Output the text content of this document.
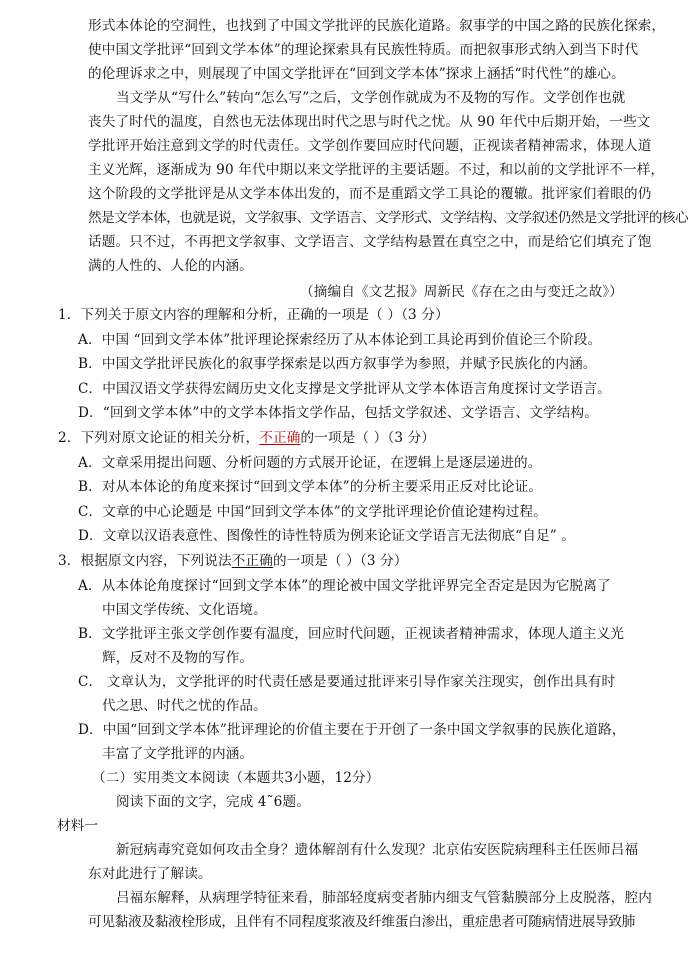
形式本体论的空洞性，也找到了中国文学批评的民族化道路。叙事学的中国之路的民族化探索，
使中国文学批评“回到文学本体”的理论探索具有民族性特质。而把叙事形式纳入到当下时代
的伦理诉求之中，则展现了中国文学批评在“回到文学本体”探求上涵括“时代性”的雄心。
当文学从“写什么”转向“怎么写”之后，文学创作就成为不及物的写作。文学创作也就
丧失了时代的温度，自然也无法体现出时代之思与时代之忧。从 90 年代中后期开始，一些文
学批评开始注意到文学的时代责任。文学创作要回应时代问题，正视读者精神需求，体现人道
主义光辉，逐渐成为 90 年代中期以来文学批评的主要话题。不过，和以前的文学批评不一样，
这个阶段的文学批评是从文学本体出发的，而不是重蹈文学工具论的覆辙。批评家们着眼的仍
然是文学本体，也就是说，文学叙事、文学语言、文学形式、文学结构、文学叙述仍然是文学批评的核心
话题。只不过，不再把文学叙事、文学语言、文学结构悬置在真空之中，而是给它们填充了饱
满的人性的、人伦的内涵。
（摘编自《文艺报》周新民《存在之由与变迁之故》）
1．下列关于原文内容的理解和分析，正确的一项是（ ）（3 分）
A．中国 “回到文学本体”批评理论探索经历了从本体论到工具论再到价值论三个阶段。
B．中国文学批评民族化的叙事学探索是以西方叙事学为参照，并赋予民族化的内涵。
C．中国汉语文学获得宏阔历史文化支撑是文学批评从文学本体语言角度探讨文学语言。
D．“回到文学本体”中的文学本体指文学作品，包括文学叙述、文学语言、文学结构。
2．下列对原文论证的相关分析，不正确的一项是（ ）（3 分）
A．文章采用提出问题、分析问题的方式展开论证，在逻辑上是逐层递进的。
B．对从本体论的角度来探讨“回到文学本体”的分析主要采用正反对比论证。
C．文章的中心论题是 中国“回到文学本体”的文学批评理论价值论建构过程。
D．文章以汉语表意性、图像性的诗性特质为例来论证文学语言无法彻底“自足” 。
3．根据原文内容，下列说法不正确的一项是（ ）（3 分）
A．从本体论角度探讨“回到文学本体”的理论被中国文学批评界完全否定是因为它脱离了
中国文学传统、文化语境。
B．文学批评主张文学创作要有温度，回应时代问题，正视读者精神需求，体现人道主义光
辉，反对不及物的写作。
C． 文章认为，文学批评的时代责任感是要通过批评来引导作家关注现实，创作出具有时
代之思、时代之忧的作品。
D．中国“回到文学本体”批评理论的价值主要在于开创了一条中国文学叙事的民族化道路，
丰富了文学批评的内涵。
（二）实用类文本阅读（本题共3小题，12分）
阅读下面的文字，完成 4˜6题。
材料一
新冠病毒究竟如何攻击全身？遗体解剖有什么发现？北京佑安医院病理科主任医师吕福
东对此进行了解读。
吕福东解释，从病理学特征来看，肺部轻度病变者肺内细支气管黏膜部分上皮脱落，腔内
可见黏液及黏液栓形成，且伴有不同程度浆液及纤维蛋白渗出，重症患者可随病情进展导致肺
